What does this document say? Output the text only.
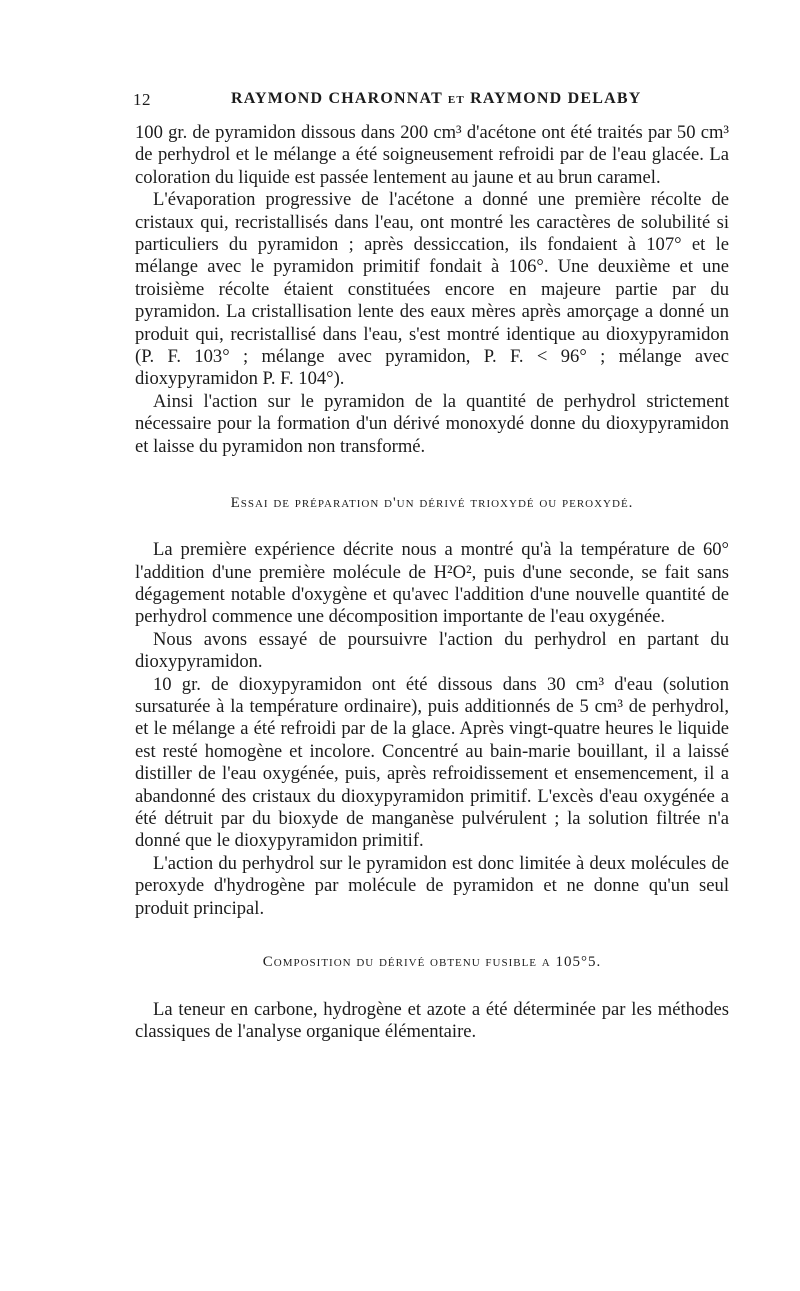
12	RAYMOND CHARONNAT et RAYMOND DELABY

100 gr. de pyramidon dissous dans 200 cm³ d'acétone ont été traités par 50 cm³ de perhydrol et le mélange a été soigneusement refroidi par de l'eau glacée. La coloration du liquide est passée lentement au jaune et au brun caramel.

L'évaporation progressive de l'acétone a donné une première récolte de cristaux qui, recristallisés dans l'eau, ont montré les caractères de solubilité si particuliers du pyramidon ; après dessiccation, ils fondaient à 107° et le mélange avec le pyramidon primitif fondait à 106°. Une deuxième et une troisième récolte étaient constituées encore en majeure partie par du pyramidon. La cristallisation lente des eaux mères après amorçage a donné un produit qui, recristallisé dans l'eau, s'est montré identique au dioxypyramidon (P. F. 103° ; mélange avec pyramidon, P. F. < 96° ; mélange avec dioxypyramidon P. F. 104°).

Ainsi l'action sur le pyramidon de la quantité de perhydrol strictement nécessaire pour la formation d'un dérivé monoxydé donne du dioxypyramidon et laisse du pyramidon non transformé.

Essai de préparation d'un dérivé trioxydé ou peroxydé.

La première expérience décrite nous a montré qu'à la température de 60° l'addition d'une première molécule de H²O², puis d'une seconde, se fait sans dégagement notable d'oxygène et qu'avec l'addition d'une nouvelle quantité de perhydrol commence une décomposition importante de l'eau oxygénée.

Nous avons essayé de poursuivre l'action du perhydrol en partant du dioxypyramidon.

10 gr. de dioxypyramidon ont été dissous dans 30 cm³ d'eau (solution sursaturée à la température ordinaire), puis additionnés de 5 cm³ de perhydrol, et le mélange a été refroidi par de la glace. Après vingt-quatre heures le liquide est resté homogène et incolore. Concentré au bain-marie bouillant, il a laissé distiller de l'eau oxygénée, puis, après refroidissement et ensemencement, il a abandonné des cristaux du dioxypyramidon primitif. L'excès d'eau oxygénée a été détruit par du bioxyde de manganèse pulvérulent ; la solution filtrée n'a donné que le dioxypyramidon primitif.

L'action du perhydrol sur le pyramidon est donc limitée à deux molécules de peroxyde d'hydrogène par molécule de pyramidon et ne donne qu'un seul produit principal.

Composition du dérivé obtenu fusible a 105°5.

La teneur en carbone, hydrogène et azote a été déterminée par les méthodes classiques de l'analyse organique élémentaire.
